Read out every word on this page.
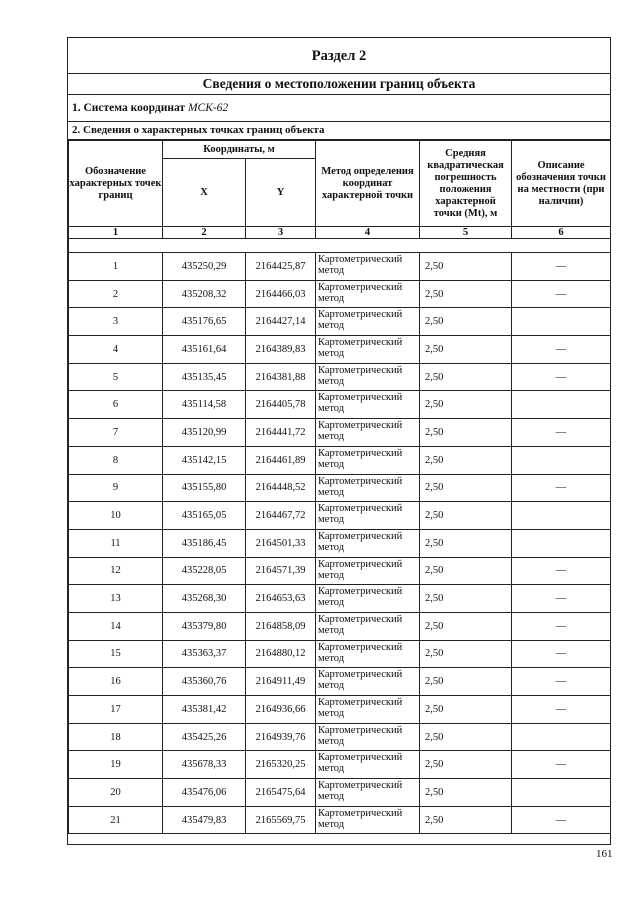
Раздел 2
Сведения о местоположении границ объекта
1. Система координат МСК-62
2. Сведения о характерных точках границ объекта
Обозначение характерных точек границ	Координаты, м		Метод определения координат характерной точки	Средняя квадратическая погрешность положения характерной точки (Mt), м	Описание обозначения точки на местности (при наличии)
	X	Y			
1	2	3	4	5	6

1	435250,29	2164425,87	Картометрический метод	2,50	—
2	435208,32	2164466,03	Картометрический метод	2,50	—
3	435176,65	2164427,14	Картометрический метод	2,50	
4	435161,64	2164389,83	Картометрический метод	2,50	—
5	435135,45	2164381,88	Картометрический метод	2,50	—
6	435114,58	2164405,78	Картометрический метод	2,50	
7	435120,99	2164441,72	Картометрический метод	2,50	—
8	435142,15	2164461,89	Картометрический метод	2,50	
9	435155,80	2164448,52	Картометрический метод	2,50	—
10	435165,05	2164467,72	Картометрический метод	2,50	
11	435186,45	2164501,33	Картометрический метод	2,50	
12	435228,05	2164571,39	Картометрический метод	2,50	—
13	435268,30	2164653,63	Картометрический метод	2,50	—
14	435379,80	2164858,09	Картометрический метод	2,50	—
15	435363,37	2164880,12	Картометрический метод	2,50	—
16	435360,76	2164911,49	Картометрический метод	2,50	—
17	435381,42	2164936,66	Картометрический метод	2,50	—
18	435425,26	2164939,76	Картометрический метод	2,50	
19	435678,33	2165320,25	Картометрический метод	2,50	—
20	435476,06	2165475,64	Картометрический метод	2,50	
21	435479,83	2165569,75	Картометрический метод	2,50	—
161
